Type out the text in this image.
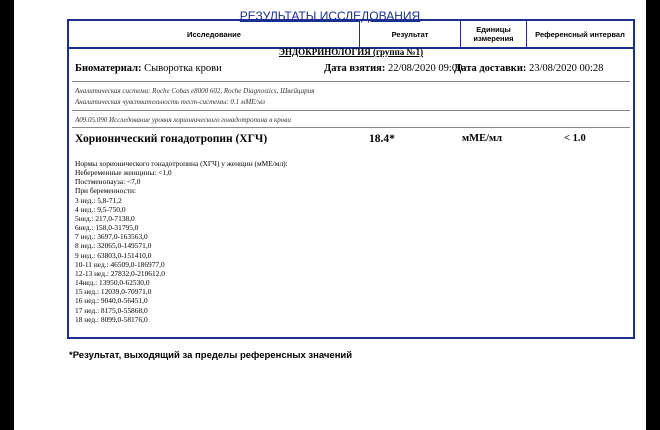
РЕЗУЛЬТАТЫ ИССЛЕДОВАНИЯ
Исследование	Результат	Единицы
измерения	Референсный интервал
ЭНДОКРИНОЛОГИЯ (группа №1)
Биоматериал: Сыворотка крови	Дата взятия: 22/08/2020 09:00
Дата доставки: 23/08/2020 00:28
Аналитическая система: Roche Cobas e8000 602, Roche Diagnostics, Швейцария
Аналитическая чувствительность тест-системы: 0.1 мМЕ/мл
A09.05.090 Исследование уровня хорионического гонадотропина в крови
Хорионический гонадотропин (ХГЧ)	18.4*	мМЕ/мл	< 1.0
Нормы хорионического гонадотропина (ХГЧ) у женщин (мМЕ/мл):
Небеременные женщины: <1,0
Постменопауза: <7,0
При беременности:
3 нед.: 5,8-71,2
4 нед.: 9,5-750,0
5нед.: 217,0-7138,0
6нед.: 158,0-31795,0
7 нед.: 3697,0-163563,0
8 нед.: 32065,0-149571,0
9 нед.: 63803,0-151410,0
10-11 нед.: 46509,0-186977,0
12-13 нед.: 27832,0-210612,0
14нед.: 13950,0-62530,0
15 нед.: 12039,0-70971,0
16 нед.: 9040,0-56451,0
17 нед.: 8175,0-55868,0
18 нед.: 8099,0-58176,0
*Результат, выходящий за пределы референсных значений
